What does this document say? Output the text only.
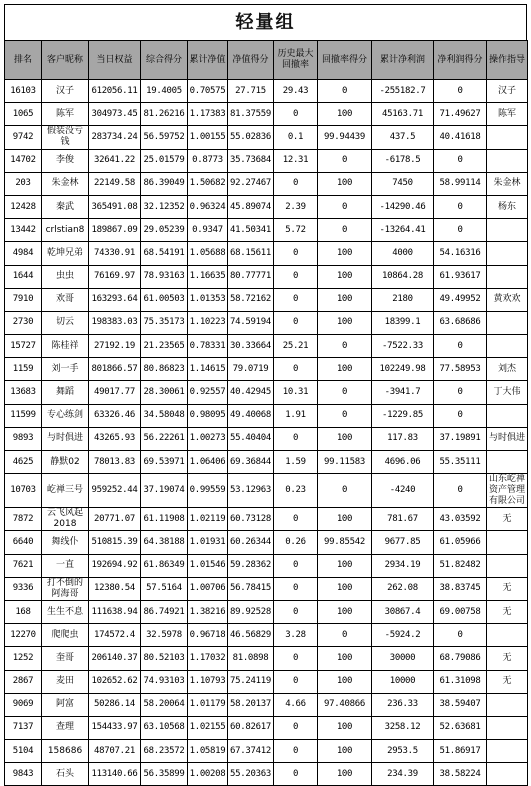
轻量组
排名	客户昵称	当日权益	综合得分	累计净值	净值得分	历史最大回撤率	回撤率得分	累计净利润	净利润得分	操作指导
16103	汉子	612056.11	19.4005	0.70575	27.715	29.43	0	-255182.7	0	汉子
1065	陈军	304973.45	81.26216	1.17383	81.37559	0	100	45163.71	71.49627	陈军
9742	假装没亏钱	283734.24	56.59752	1.00155	55.02836	0.1	99.94439	437.5	40.41618	
14702	李俊	32641.22	25.01579	0.8773	35.73684	12.31	0	-6178.5	0	
203	朱金林	22149.58	86.39049	1.50682	92.27467	0	100	7450	58.99114	朱金林
12428	秦武	365491.08	32.12352	0.96324	45.89074	2.39	0	-14290.46	0	杨东
13442	crlstian8	189867.09	29.05239	0.9347	41.50341	5.72	0	-13264.41	0	
4984	乾坤兄弟	74330.91	68.54191	1.05688	68.15611	0	100	4000	54.16316	
1644	虫虫	76169.97	78.93163	1.16635	80.77771	0	100	10864.28	61.93617	
7910	欢哥	163293.64	61.00503	1.01353	58.72162	0	100	2180	49.49952	黄欢欢
2730	切云	198383.03	75.35173	1.10223	74.59194	0	100	18399.1	63.68686	
15727	陈桂祥	27192.19	21.23565	0.78331	30.33664	25.21	0	-7522.33	0	
1159	刘一手	801866.57	80.86823	1.14615	79.0719	0	100	102249.98	77.58953	刘杰
13683	舞蹈	49017.77	28.30061	0.92557	40.42945	10.31	0	-3941.7	0	丁大伟
11599	专心练剑	63326.46	34.58048	0.98095	49.40068	1.91	0	-1229.85	0	
9893	与时俱进	43265.93	56.22261	1.00273	55.40404	0	100	117.83	37.19891	与时俱进
4625	静默02	78013.83	69.53971	1.06406	69.36844	1.59	99.11583	4696.06	55.35111	
10703	屹禅三号	959252.44	37.19074	0.99559	53.12963	0.23	0	-4240	0	山东屹禅资产管理有限公司
7872	云飞风起2018	20771.07	61.11908	1.02119	60.73128	0	100	781.67	43.03592	无
6640	舞线仆	510815.39	64.38188	1.01931	60.26344	0.26	99.85542	9677.85	61.05966	
7621	一直	192694.92	61.86349	1.01546	59.28362	0	100	2934.19	51.82482	
9336	打不倒的阿海哥	12380.54	57.5164	1.00706	56.78415	0	100	262.08	38.83745	无
168	生生不息	111638.94	86.74921	1.38216	89.92528	0	100	30867.4	69.00758	无
12270	爬爬虫	174572.4	32.5978	0.96718	46.56829	3.28	0	-5924.2	0	
1252	奎哥	206140.37	80.52103	1.17032	81.0898	0	100	30000	68.79086	无
2867	麦田	102652.62	74.93103	1.10793	75.24119	0	100	10000	61.31098	无
9069	阿富	50286.14	58.20064	1.01179	58.20137	4.66	97.40866	236.33	38.59407	
7137	查理	154433.97	63.10568	1.02155	60.82617	0	100	3258.12	52.63681	
5104	158686	48707.21	68.23572	1.05819	67.37412	0	100	2953.5	51.86917	
9843	石头	113140.66	56.35899	1.00208	55.20363	0	100	234.39	38.58224	
